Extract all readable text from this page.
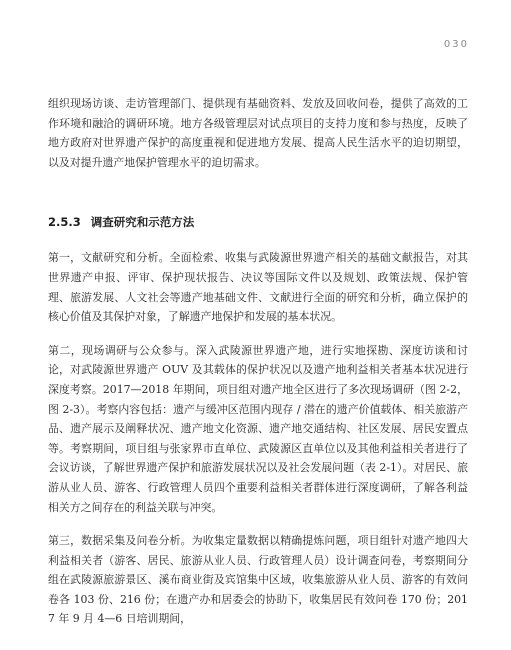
030

组织现场访谈、走访管理部门、提供现有基础资料、发放及回收问卷，提供了高效的工作环境和融洽的调研环境。地方各级管理层对试点项目的支持力度和参与热度，反映了地方政府对世界遗产保护的高度重视和促进地方发展、提高人民生活水平的迫切期望，以及对提升遗产地保护管理水平的迫切需求。

2.5.3 调查研究和示范方法

第一，文献研究和分析。全面检索、收集与武陵源世界遗产相关的基础文献报告，对其世界遗产申报、评审、保护现状报告、决议等国际文件以及规划、政策法规、保护管理、旅游发展、人文社会等遗产地基础文件、文献进行全面的研究和分析，确立保护的核心价值及其保护对象，了解遗产地保护和发展的基本状况。

第二，现场调研与公众参与。深入武陵源世界遗产地，进行实地探勘、深度访谈和讨论，对武陵源世界遗产 OUV 及其载体的保护状况以及遗产地利益相关者基本状况进行深度考察。2017—2018 年期间，项目组对遗产地全区进行了多次现场调研（图 2-2，图 2-3）。考察内容包括：遗产与缓冲区范围内现存 / 潜在的遗产价值载体、相关旅游产品、遗产展示及阐释状况、遗产地文化资源、遗产地交通结构、社区发展、居民安置点等。考察期间，项目组与张家界市直单位、武陵源区直单位以及其他利益相关者进行了会议访谈，了解世界遗产保护和旅游发展状况以及社会发展问题（表 2-1）。对居民、旅游从业人员、游客、行政管理人员四个重要利益相关者群体进行深度调研，了解各利益相关方之间存在的利益关联与冲突。

第三，数据采集及问卷分析。为收集定量数据以精确提炼问题，项目组针对遗产地四大利益相关者（游客、居民、旅游从业人员、行政管理人员）设计调查问卷，考察期间分组在武陵源旅游景区、溪布商业街及宾馆集中区域，收集旅游从业人员、游客的有效问卷各 103 份、216 份；在遗产办和居委会的协助下，收集居民有效问卷 170 份；2017 年 9 月 4—6 日培训期间，
